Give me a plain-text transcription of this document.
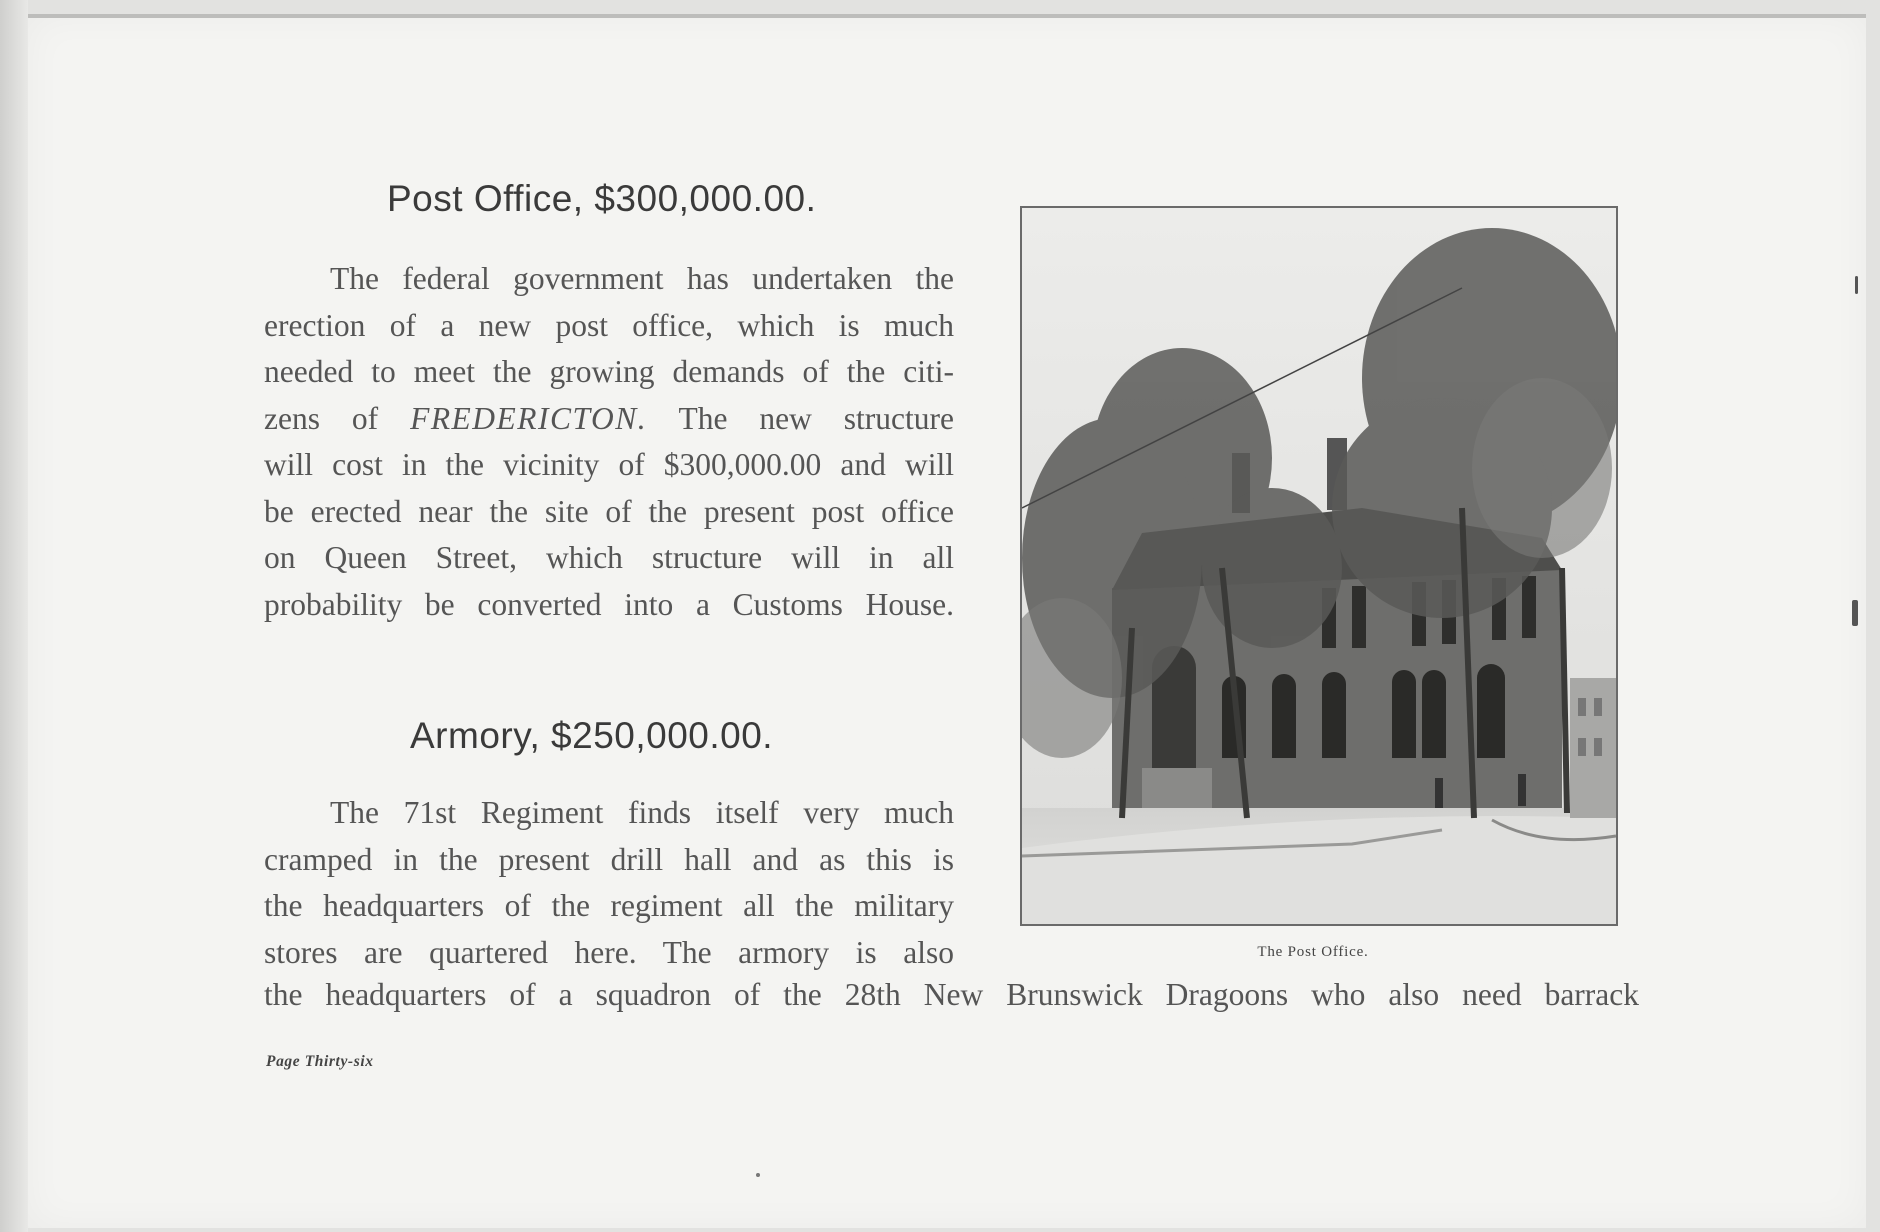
Post Office, $300,000.00.
The federal government has undertaken the
erection of a new post office, which is much
needed to meet the growing demands of the citi-
zens of FREDERICTON. The new structure
will cost in the vicinity of $300,000.00 and will
be erected near the site of the present post office
on Queen Street, which structure will in all
probability be converted into a Customs House.
Armory, $250,000.00.
The 71st Regiment finds itself very much
cramped in the present drill hall and as this is
the headquarters of the regiment all the military
stores are quartered here. The armory is also
the headquarters of a squadron of the 28th New Brunswick Dragoons who also need barrack
The Post Office.
Page Thirty-six
